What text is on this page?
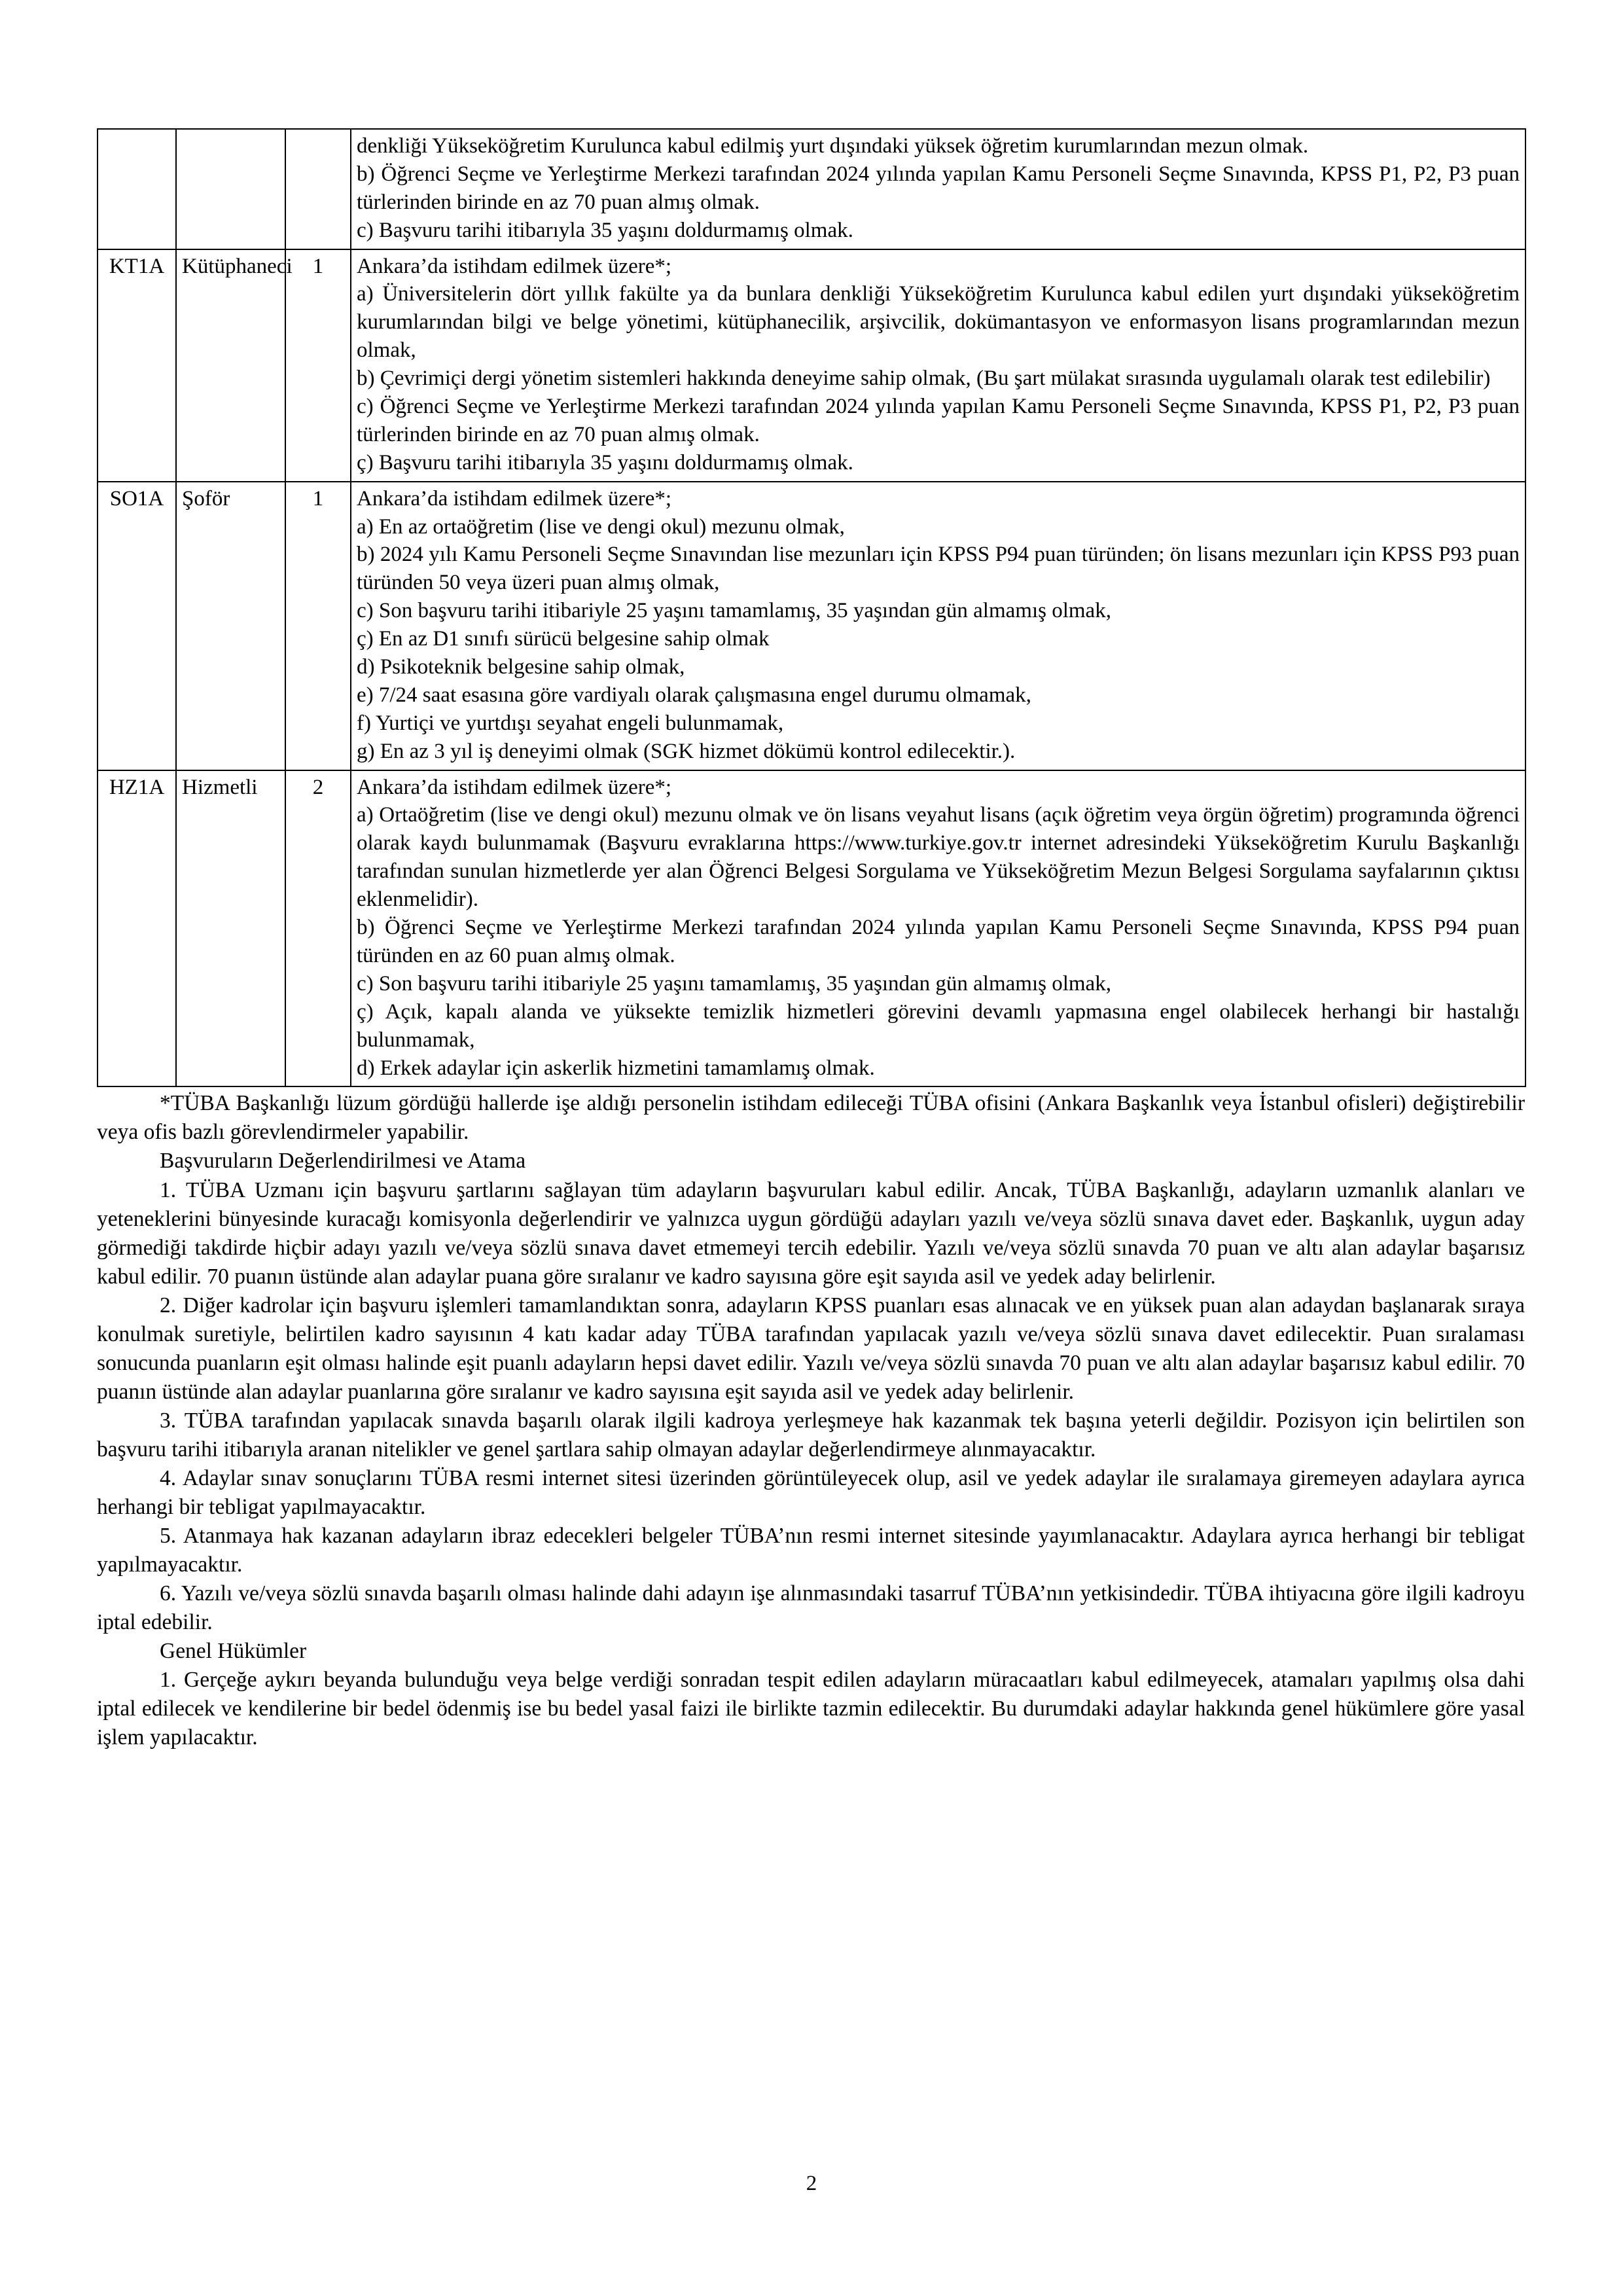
			denkliği Yükseköğretim Kurulunca kabul edilmiş yurt dışındaki yüksek öğretim kurumlarından mezun olmak.
b) Öğrenci Seçme ve Yerleştirme Merkezi tarafından 2024 yılında yapılan Kamu Personeli Seçme Sınavında, KPSS P1, P2, P3 puan türlerinden birinde en az 70 puan almış olmak.
c) Başvuru tarihi itibarıyla 35 yaşını doldurmamış olmak.

KT1A	Kütüphaneci	1	Ankara’da istihdam edilmek üzere*;
a) Üniversitelerin dört yıllık fakülte ya da bunlara denkliği Yükseköğretim Kurulunca kabul edilen yurt dışındaki yükseköğretim kurumlarından bilgi ve belge yönetimi, kütüphanecilik, arşivcilik, dokümantasyon ve enformasyon lisans programlarından mezun olmak,
b) Çevrimiçi dergi yönetim sistemleri hakkında deneyime sahip olmak, (Bu şart mülakat sırasında uygulamalı olarak test edilebilir)
c) Öğrenci Seçme ve Yerleştirme Merkezi tarafından 2024 yılında yapılan Kamu Personeli Seçme Sınavında, KPSS P1, P2, P3 puan türlerinden birinde en az 70 puan almış olmak.
ç) Başvuru tarihi itibarıyla 35 yaşını doldurmamış olmak.

SO1A	Şoför	1	Ankara’da istihdam edilmek üzere*;
a) En az ortaöğretim (lise ve dengi okul) mezunu olmak,
b) 2024 yılı Kamu Personeli Seçme Sınavından lise mezunları için KPSS P94 puan türünden; ön lisans mezunları için KPSS P93 puan türünden 50 veya üzeri puan almış olmak,
c) Son başvuru tarihi itibariyle 25 yaşını tamamlamış, 35 yaşından gün almamış olmak,
ç) En az D1 sınıfı sürücü belgesine sahip olmak
d) Psikoteknik belgesine sahip olmak,
e) 7/24 saat esasına göre vardiyalı olarak çalışmasına engel durumu olmamak,
f) Yurtiçi ve yurtdışı seyahat engeli bulunmamak,
g) En az 3 yıl iş deneyimi olmak (SGK hizmet dökümü kontrol edilecektir.).

HZ1A	Hizmetli	2	Ankara’da istihdam edilmek üzere*;
a) Ortaöğretim (lise ve dengi okul) mezunu olmak ve ön lisans veyahut lisans (açık öğretim veya örgün öğretim) programında öğrenci olarak kaydı bulunmamak (Başvuru evraklarına https://www.turkiye.gov.tr internet adresindeki Yükseköğretim Kurulu Başkanlığı tarafından sunulan hizmetlerde yer alan Öğrenci Belgesi Sorgulama ve Yükseköğretim Mezun Belgesi Sorgulama sayfalarının çıktısı eklenmelidir).
b) Öğrenci Seçme ve Yerleştirme Merkezi tarafından 2024 yılında yapılan Kamu Personeli Seçme Sınavında, KPSS P94 puan türünden en az 60 puan almış olmak.
c) Son başvuru tarihi itibariyle 25 yaşını tamamlamış, 35 yaşından gün almamış olmak,
ç) Açık, kapalı alanda ve yüksekte temizlik hizmetleri görevini devamlı yapmasına engel olabilecek herhangi bir hastalığı bulunmamak,
d) Erkek adaylar için askerlik hizmetini tamamlamış olmak.

*TÜBA Başkanlığı lüzum gördüğü hallerde işe aldığı personelin istihdam edileceği TÜBA ofisini (Ankara Başkanlık veya İstanbul ofisleri) değiştirebilir veya ofis bazlı görevlendirmeler yapabilir.

Başvuruların Değerlendirilmesi ve Atama

1. TÜBA Uzmanı için başvuru şartlarını sağlayan tüm adayların başvuruları kabul edilir. Ancak, TÜBA Başkanlığı, adayların uzmanlık alanları ve yeteneklerini bünyesinde kuracağı komisyonla değerlendirir ve yalnızca uygun gördüğü adayları yazılı ve/veya sözlü sınava davet eder. Başkanlık, uygun aday görmediği takdirde hiçbir adayı yazılı ve/veya sözlü sınava davet etmemeyi tercih edebilir. Yazılı ve/veya sözlü sınavda 70 puan ve altı alan adaylar başarısız kabul edilir. 70 puanın üstünde alan adaylar puana göre sıralanır ve kadro sayısına göre eşit sayıda asil ve yedek aday belirlenir.

2. Diğer kadrolar için başvuru işlemleri tamamlandıktan sonra, adayların KPSS puanları esas alınacak ve en yüksek puan alan adaydan başlanarak sıraya konulmak suretiyle, belirtilen kadro sayısının 4 katı kadar aday TÜBA tarafından yapılacak yazılı ve/veya sözlü sınava davet edilecektir. Puan sıralaması sonucunda puanların eşit olması halinde eşit puanlı adayların hepsi davet edilir. Yazılı ve/veya sözlü sınavda 70 puan ve altı alan adaylar başarısız kabul edilir. 70 puanın üstünde alan adaylar puanlarına göre sıralanır ve kadro sayısına eşit sayıda asil ve yedek aday belirlenir.

3. TÜBA tarafından yapılacak sınavda başarılı olarak ilgili kadroya yerleşmeye hak kazanmak tek başına yeterli değildir. Pozisyon için belirtilen son başvuru tarihi itibarıyla aranan nitelikler ve genel şartlara sahip olmayan adaylar değerlendirmeye alınmayacaktır.

4. Adaylar sınav sonuçlarını TÜBA resmi internet sitesi üzerinden görüntüleyecek olup, asil ve yedek adaylar ile sıralamaya giremeyen adaylara ayrıca herhangi bir tebligat yapılmayacaktır.

5. Atanmaya hak kazanan adayların ibraz edecekleri belgeler TÜBA’nın resmi internet sitesinde yayımlanacaktır. Adaylara ayrıca herhangi bir tebligat yapılmayacaktır.

6. Yazılı ve/veya sözlü sınavda başarılı olması halinde dahi adayın işe alınmasındaki tasarruf TÜBA’nın yetkisindedir. TÜBA ihtiyacına göre ilgili kadroyu iptal edebilir.

Genel Hükümler

1. Gerçeğe aykırı beyanda bulunduğu veya belge verdiği sonradan tespit edilen adayların müracaatları kabul edilmeyecek, atamaları yapılmış olsa dahi iptal edilecek ve kendilerine bir bedel ödenmiş ise bu bedel yasal faizi ile birlikte tazmin edilecektir. Bu durumdaki adaylar hakkında genel hükümlere göre yasal işlem yapılacaktır.

2
